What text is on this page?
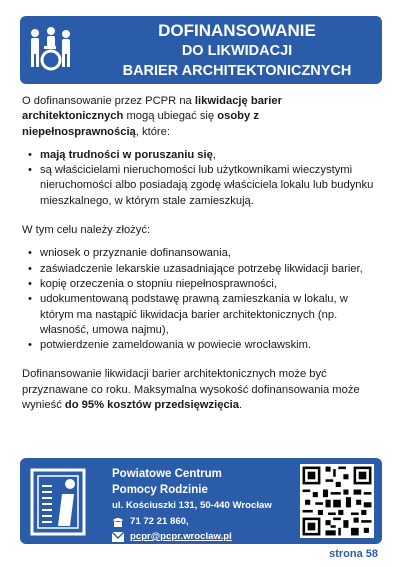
DOFINANSOWANIE
DO LIKWIDACJI
BARIER ARCHITEKTONICZNYCH

O dofinansowanie przez PCPR na likwidację barier architektonicznych mogą ubiegać się osoby z niepełnosprawnością, które:

• mają trudności w poruszaniu się,
• są właścicielami nieruchomości lub użytkownikami wieczystymi nieruchomości albo posiadają zgodę właściciela lokalu lub budynku mieszkalnego, w którym stale zamieszkują.

W tym celu należy złożyć:

• wniosek o przyznanie dofinansowania,
• zaświadczenie lekarskie uzasadniające potrzebę likwidacji barier,
• kopię orzeczenia o stopniu niepełnosprawności,
• udokumentowaną podstawę prawną zamieszkania w lokalu, w którym ma nastąpić likwidacja barier architektonicznych (np. własność, umowa najmu),
• potwierdzenie zameldowania w powiecie wrocławskim.

Dofinansowanie likwidacji barier architektonicznych może być przyznawane co roku. Maksymalna wysokość dofinansowania może wynieść do 95% kosztów przedsięwzięcia.

Powiatowe Centrum
Pomocy Rodzinie
ul. Kościuszki 131, 50-440 Wrocław
71 72 21 860,
pcpr@pcpr.wroclaw.pl
strona 58
